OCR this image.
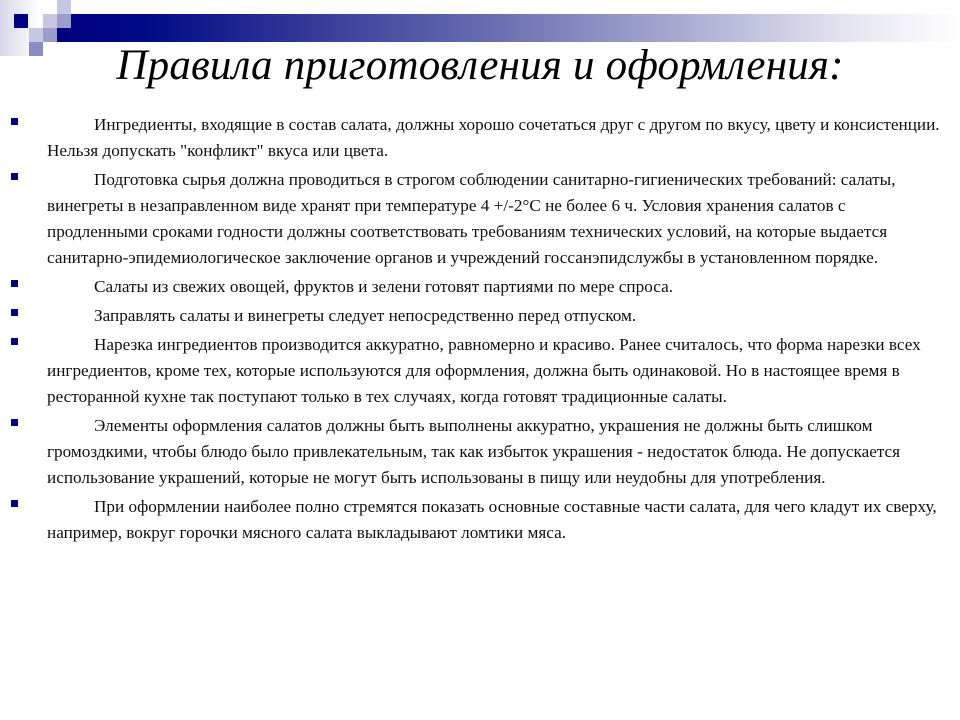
Правила приготовления и оформления:
Ингредиенты, входящие в состав салата, должны хорошо сочетаться друг с другом по вкусу, цвету и консистенции. Нельзя допускать "конфликт" вкуса или цвета.
Подготовка сырья должна проводиться в строгом соблюдении санитарно-гигиенических требований: салаты, винегреты в незаправленном виде хранят при температуре 4 +/-2°С не более 6 ч. Условия хранения салатов с продленными сроками годности должны соответствовать требованиям технических условий, на которые выдается санитарно-эпидемиологическое заключение органов и учреждений госсанэпидслужбы в установленном порядке.
Салаты из свежих овощей, фруктов и зелени готовят партиями по мере спроса.
Заправлять салаты и винегреты следует непосредственно перед отпуском.
Нарезка ингредиентов производится аккуратно, равномерно и красиво. Ранее считалось, что форма нарезки всех ингредиентов, кроме тех, которые используются для оформления, должна быть одинаковой. Но в настоящее время в ресторанной кухне так поступают только в тех случаях, когда готовят традиционные салаты.
Элементы оформления салатов должны быть выполнены аккуратно, украшения не должны быть слишком громоздкими, чтобы блюдо было привлекательным, так как избыток украшения - недостаток блюда. Не допускается использование украшений, которые не могут быть использованы в пищу или неудобны для употребления.
При оформлении наиболее полно стремятся показать основные составные части салата, для чего кладут их сверху, например, вокруг горочки мясного салата выкладывают ломтики мяса.
